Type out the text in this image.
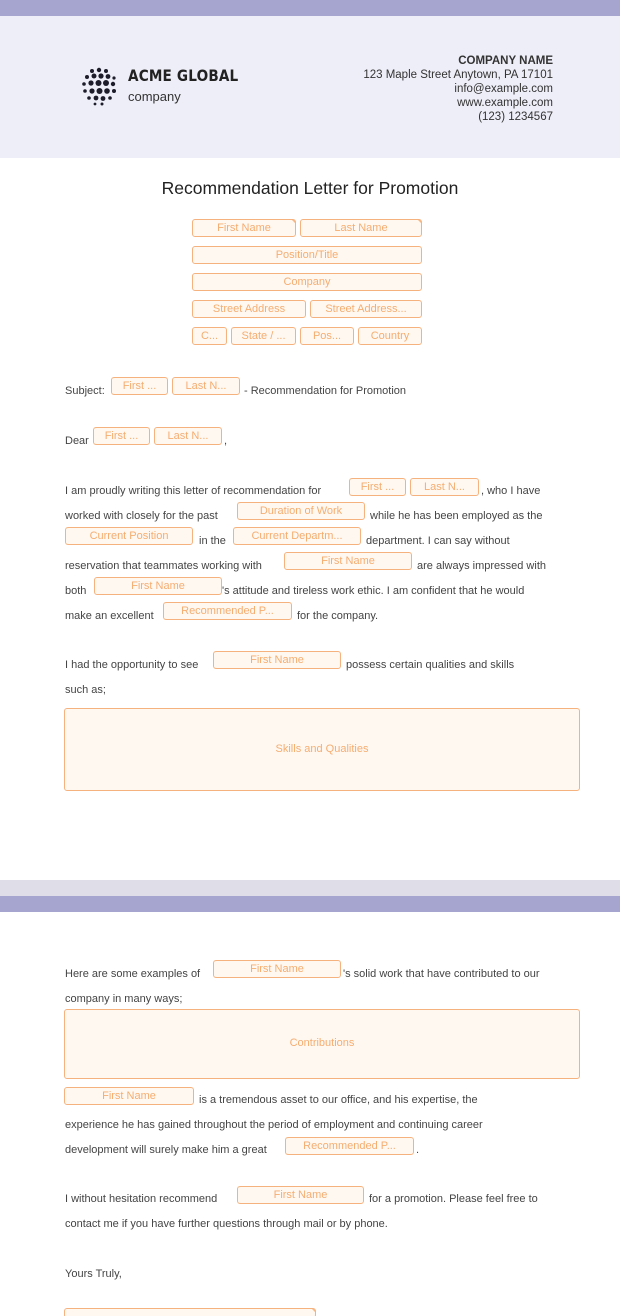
ACME GLOBAL
company
COMPANY NAME
123 Maple Street Anytown, PA 17101
info@example.com
www.example.com
(123) 1234567
Recommendation Letter for Promotion
First Name	Last Name
Position/Title
Company
Street Address	Street Address...
C...	State / ...	Pos...	Country
Subject:	First ...	Last N...	- Recommendation for Promotion
Dear	First ...	Last N...	,
I am proudly writing this letter of recommendation for	First ...	Last N...	, who I have
worked with closely for the past	Duration of Work	while he has been employed as the
Current Position	in the	Current Departm...	department. I can say without
reservation that teammates working with	First Name	are always impressed with
both	First Name	's attitude and tireless work ethic. I am confident that he would
make an excellent	Recommended P...	for the company.
I had the opportunity to see	First Name	possess certain qualities and skills
such as;
Skills and Qualities
Here are some examples of	First Name	's solid work that have contributed to our
company in many ways;
Contributions
First Name	is a tremendous asset to our office, and his expertise, the
experience he has gained throughout the period of employment and continuing career
development will surely make him a great	Recommended P...	.
I without hesitation recommend	First Name	for a promotion. Please feel free to
contact me if you have further questions through mail or by phone.
Yours Truly,
